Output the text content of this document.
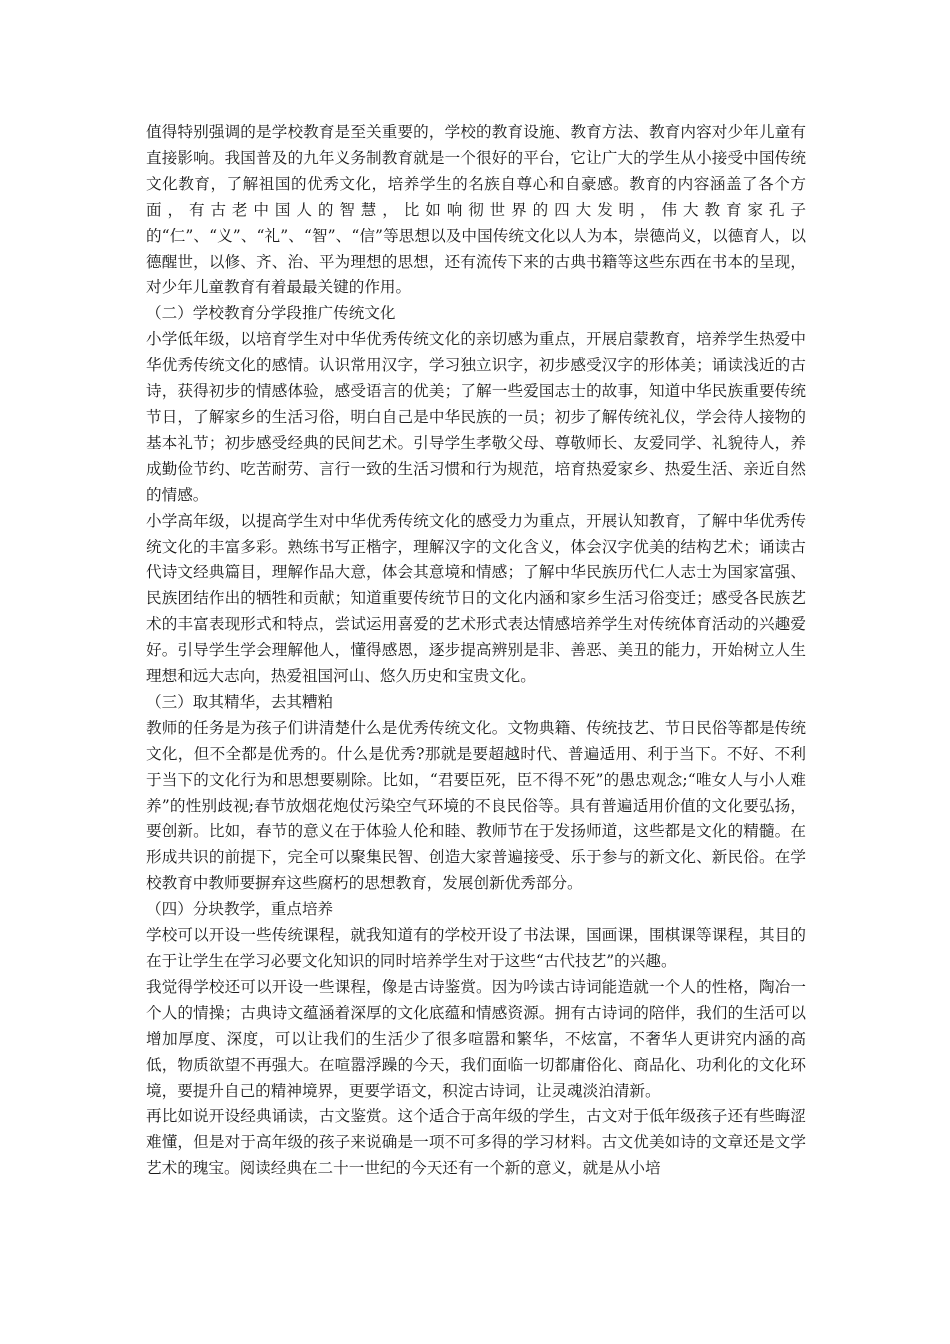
值得特别强调的是学校教育是至关重要的，学校的教育设施、教育方法、教育内容对少年儿童有直接影响。我国普及的九年义务制教育就是一个很好的平台，它让广大的学生从小接受中国传统文化教育，了解祖国的优秀文化，培养学生的名族自尊心和自豪感。教育的内容涵盖了各个方面，有古老中国人的智慧，比如响彻世界的四大发明，伟大教育家孔子的“仁”、“义”、“礼”、“智”、“信”等思想以及中国传统文化以人为本，崇德尚义，以德育人，以德醒世，以修、齐、治、平为理想的思想，还有流传下来的古典书籍等这些东西在书本的呈现，对少年儿童教育有着最最关键的作用。

（二）学校教育分学段推广传统文化

小学低年级，以培育学生对中华优秀传统文化的亲切感为重点，开展启蒙教育，培养学生热爱中华优秀传统文化的感情。认识常用汉字，学习独立识字，初步感受汉字的形体美；诵读浅近的古诗，获得初步的情感体验，感受语言的优美；了解一些爱国志士的故事，知道中华民族重要传统节日，了解家乡的生活习俗，明白自己是中华民族的一员；初步了解传统礼仪，学会待人接物的基本礼节；初步感受经典的民间艺术。引导学生孝敬父母、尊敬师长、友爱同学、礼貌待人，养成勤俭节约、吃苦耐劳、言行一致的生活习惯和行为规范，培育热爱家乡、热爱生活、亲近自然的情感。

小学高年级，以提高学生对中华优秀传统文化的感受力为重点，开展认知教育，了解中华优秀传统文化的丰富多彩。熟练书写正楷字，理解汉字的文化含义，体会汉字优美的结构艺术；诵读古代诗文经典篇目，理解作品大意，体会其意境和情感；了解中华民族历代仁人志士为国家富强、民族团结作出的牺牲和贡献；知道重要传统节日的文化内涵和家乡生活习俗变迁；感受各民族艺术的丰富表现形式和特点，尝试运用喜爱的艺术形式表达情感培养学生对传统体育活动的兴趣爱好。引导学生学会理解他人，懂得感恩，逐步提高辨别是非、善恶、美丑的能力，开始树立人生理想和远大志向，热爱祖国河山、悠久历史和宝贵文化。

（三）取其精华，去其糟粕

教师的任务是为孩子们讲清楚什么是优秀传统文化。文物典籍、传统技艺、节日民俗等都是传统文化，但不全都是优秀的。什么是优秀?那就是要超越时代、普遍适用、利于当下。不好、不利于当下的文化行为和思想要剔除。比如，“君要臣死，臣不得不死”的愚忠观念;“唯女人与小人难养”的性别歧视;春节放烟花炮仗污染空气环境的不良民俗等。具有普遍适用价值的文化要弘扬，要创新。比如，春节的意义在于体验人伦和睦、教师节在于发扬师道，这些都是文化的精髓。在形成共识的前提下，完全可以聚集民智、创造大家普遍接受、乐于参与的新文化、新民俗。在学校教育中教师要摒弃这些腐朽的思想教育，发展创新优秀部分。

（四）分块教学，重点培养

学校可以开设一些传统课程，就我知道有的学校开设了书法课，国画课，围棋课等课程，其目的在于让学生在学习必要文化知识的同时培养学生对于这些“古代技艺”的兴趣。

我觉得学校还可以开设一些课程，像是古诗鉴赏。因为吟读古诗词能造就一个人的性格，陶冶一个人的情操；古典诗文蕴涵着深厚的文化底蕴和情感资源。拥有古诗词的陪伴，我们的生活可以增加厚度、深度，可以让我们的生活少了很多喧嚣和繁华，不炫富，不奢华人更讲究内涵的高低，物质欲望不再强大。在喧嚣浮躁的今天，我们面临一切都庸俗化、商品化、功利化的文化环境，要提升自己的精神境界，更要学语文，积淀古诗词，让灵魂淡泊清新。

再比如说开设经典诵读，古文鉴赏。这个适合于高年级的学生，古文对于低年级孩子还有些晦涩难懂，但是对于高年级的孩子来说确是一项不可多得的学习材料。古文优美如诗的文章还是文学艺术的瑰宝。阅读经典在二十一世纪的今天还有一个新的意义，就是从小培
